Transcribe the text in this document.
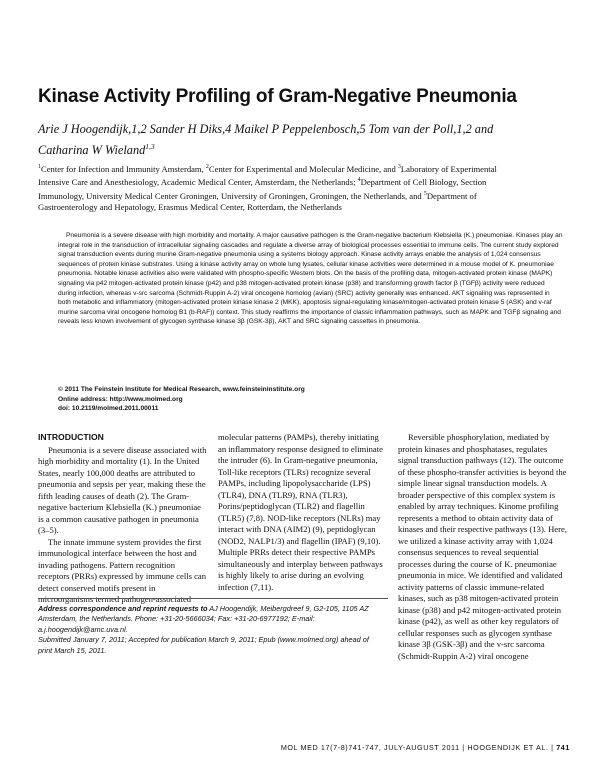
Kinase Activity Profiling of Gram-Negative Pneumonia
Arie J Hoogendijk,1,2 Sander H Diks,4 Maikel P Peppelenbosch,5 Tom van der Poll,1,2 and
Catharina W Wieland$^{1,3}$
$^1$Center for Infection and Immunity Amsterdam, $^2$Center for Experimental and Molecular Medicine, and $^3$Laboratory of Experimental
Intensive Care and Anesthesiology, Academic Medical Center, Amsterdam, the Netherlands; $^4$Department of Cell Biology, Section
Immunology, University Medical Center Groningen, University of Groningen, Groningen, the Netherlands, and $^5$Department of
Gastroenterology and Hepatology, Erasmus Medical Center, Rotterdam, the Netherlands
Pneumonia is a severe disease with high morbidity and mortality. A major causative pathogen is the Gram-negative bacterium Klebsiella (K.) pneumoniae. Kinases play an integral role in the transduction of intracellular signaling cascades and regulate a diverse array of biological processes essential to immune cells. The current study explored signal transduction events during murine Gram-negative pneumonia using a systems biology approach. Kinase activity arrays enable the analysis of 1,024 consensus sequences of protein kinase substrates. Using a kinase activity array on whole lung lysates, cellular kinase activities were determined in a mouse model of K. pneumoniae pneumonia. Notable kinase activities also were validated with phospho-specific Western blots. On the basis of the profiling data, mitogen-activated protein kinase (MAPK) signaling via p42 mitogen-activated protein kinase (p42) and p38 mitogen-activated protein kinase (p38) and transforming growth factor β (TGFβ) activity were reduced during infection, whereas v-src sarcoma (Schmidt-Ruppin A-2) viral oncogene homolog (avian) (SRC) activity generally was enhanced. AKT signaling was represented in both metabolic and inflammatory (mitogen-activated protein kinase kinase 2 (MKK), apoptosis signal-regulating kinase/mitogen-activated protein kinase 5 (ASK) and v-raf murine sarcoma viral oncogene homolog B1 (b-RAF)) context. This study reaffirms the importance of classic inflammation pathways, such as MAPK and TGFβ signaling and reveals less known involvement of glycogen synthase kinase 3β (GSK-3β), AKT and SRC signaling cassettes in pneumonia.
© 2011 The Feinstein Institute for Medical Research, www.feinsteininstitute.org
Online address: http://www.molmed.org
doi: 10.2119/molmed.2011.00011

INTRODUCTION

Pneumonia is a severe disease associated with high morbidity and mortality (1). In the United States, nearly 100,000 deaths are attributed to pneumonia and sepsis per year, making these the fifth leading causes of death (2). The Gram-negative bacterium Klebsiella (K.) pneumoniae is a common causative pathogen in pneumonia (3–5).

The innate immune system provides the first immunological interface between the host and invading pathogens. Pattern recognition receptors (PRRs) expressed by immune cells can detect conserved motifs present in microorganisms termed pathogen-associated

molecular patterns (PAMPs), thereby initiating an inflammatory response designed to eliminate the intruder (6). In Gram-negative pneumonia, Toll-like receptors (TLRs) recognize several PAMPs, including lipopolysaccharide (LPS) (TLR4), DNA (TLR9), RNA (TLR3), Porins/peptidoglycan (TLR2) and flagellin (TLR5) (7,8). NOD-like receptors (NLRs) may interact with DNA (AIM2) (9), peptidoglycan (NOD2, NALP1/3) and flagellin (IPAF) (9,10). Multiple PRRs detect their respective PAMPs simultaneously and interplay between pathways is highly likely to arise during an evolving infection (7,11).

Reversible phosphorylation, mediated by protein kinases and phosphatases, regulates signal transduction pathways (12). The outcome of these phospho-transfer activities is beyond the simple linear signal transduction models. A broader perspective of this complex system is enabled by array techniques. Kinome profiling represents a method to obtain activity data of kinases and their respective pathways (13). Here, we utilized a kinase activity array with 1,024 consensus sequences to reveal sequential processes during the course of K. pneumoniae pneumonia in mice. We identified and validated activity patterns of classic immune-related kinases, such as p38 mitogen-activated protein kinase (p38) and p42 mitogen-activated protein kinase (p42), as well as other key regulators of cellular responses such as glycogen synthase kinase 3β (GSK-3β) and the v-src sarcoma (Schmidt-Ruppin A-2) viral oncogene

Address correspondence and reprint requests to AJ Hoogendijk, Meibergdreef 9, G2-105, 1105 AZ Amsterdam, the Netherlands. Phone: +31-20-5666034; Fax: +31-20-6977192; E-mail: a.j.hoogendijk@amc.uva.nl.
Submitted January 7, 2011; Accepted for publication March 9, 2011; Epub (www.molmed.org) ahead of print March 15, 2011.
MOL MED 17(7-8)741-747, JULY-AUGUST 2011 | HOOGENDIJK ET AL. | 741
